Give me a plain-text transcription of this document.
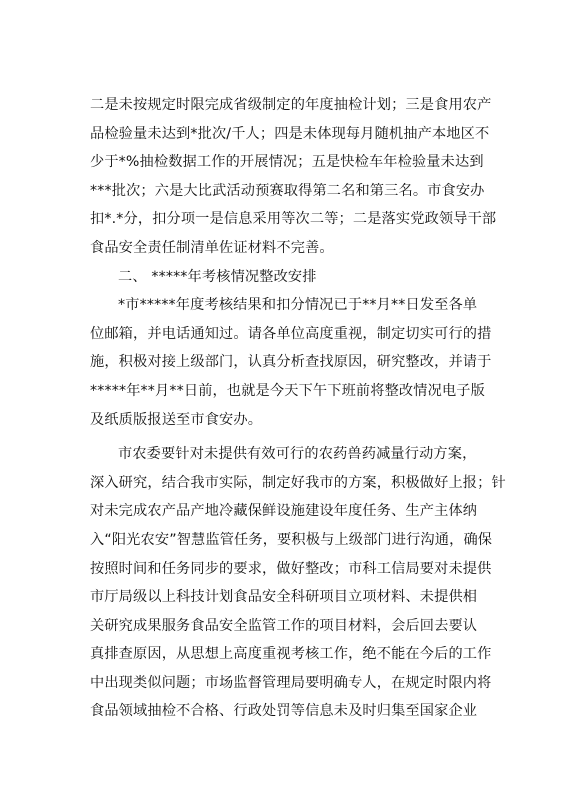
二是未按规定时限完成省级制定的年度抽检计划；三是食用农产
品检验量未达到*批次/千人；四是未体现每月随机抽产本地区不
少于*%抽检数据工作的开展情况；五是快检车年检验量未达到
***批次；六是大比武活动预赛取得第二名和第三名。市食安办
扣*.*分，扣分项一是信息采用等次二等；二是落实党政领导干部
食品安全责任制清单佐证材料不完善。
二、 *****年考核情况整改安排
*市*****年度考核结果和扣分情况已于**月**日发至各单
位邮箱，并电话通知过。请各单位高度重视，制定切实可行的措
施，积极对接上级部门，认真分析查找原因，研究整改，并请于
*****年**月**日前，也就是今天下午下班前将整改情况电子版
及纸质版报送至市食安办。
市农委要针对未提供有效可行的农药兽药减量行动方案，
深入研究，结合我市实际，制定好我市的方案，积极做好上报；针
对未完成农产品产地冷藏保鲜设施建设年度任务、生产主体纳
入“阳光农安”智慧监管任务，要积极与上级部门进行沟通，确保
按照时间和任务同步的要求，做好整改；市科工信局要对未提供
市厅局级以上科技计划食品安全科研项目立项材料、未提供相
关研究成果服务食品安全监管工作的项目材料，会后回去要认
真排查原因，从思想上高度重视考核工作，绝不能在今后的工作
中出现类似问题；市场监督管理局要明确专人，在规定时限内将
食品领域抽检不合格、行政处罚等信息未及时归集至国家企业
